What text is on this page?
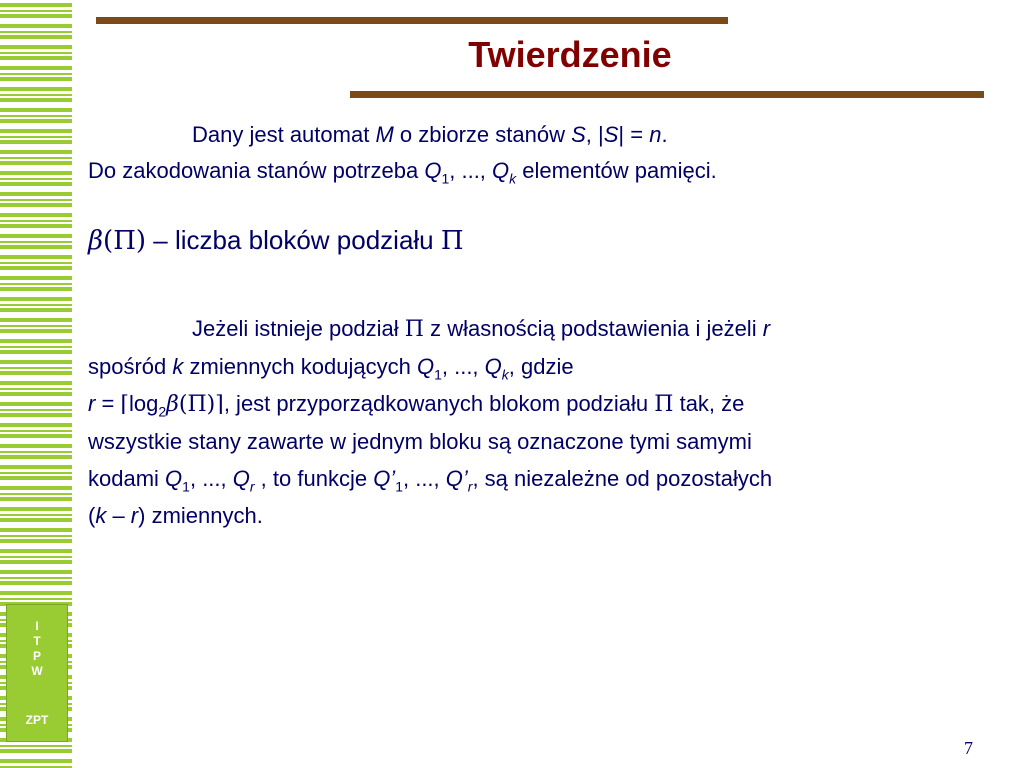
I
T
P
W
ZPT
Twierdzenie
Dany jest automat M o zbiorze stanów S, |S| = n.
Do zakodowania stanów potrzeba $Q_1$, ..., $Q_k$ elementów pamięci.
β(Π) – liczba bloków podziału Π
Jeżeli istnieje podział Π z własnością podstawienia i jeżeli r
spośród k zmiennych kodujących $Q_1$, ..., $Q_k$, gdzie
$r = ⌈\log_2\beta(\Pi)⌉$, jest przyporządkowanych blokom podziału Π tak, że
wszystkie stany zawarte w jednym bloku są oznaczone tymi samymi
kodami $Q_1$, ..., $Q_r$ , to funkcje $Q’_1$, ..., $Q’_r$, są niezależne od pozostałych
(k – r) zmiennych.
7
